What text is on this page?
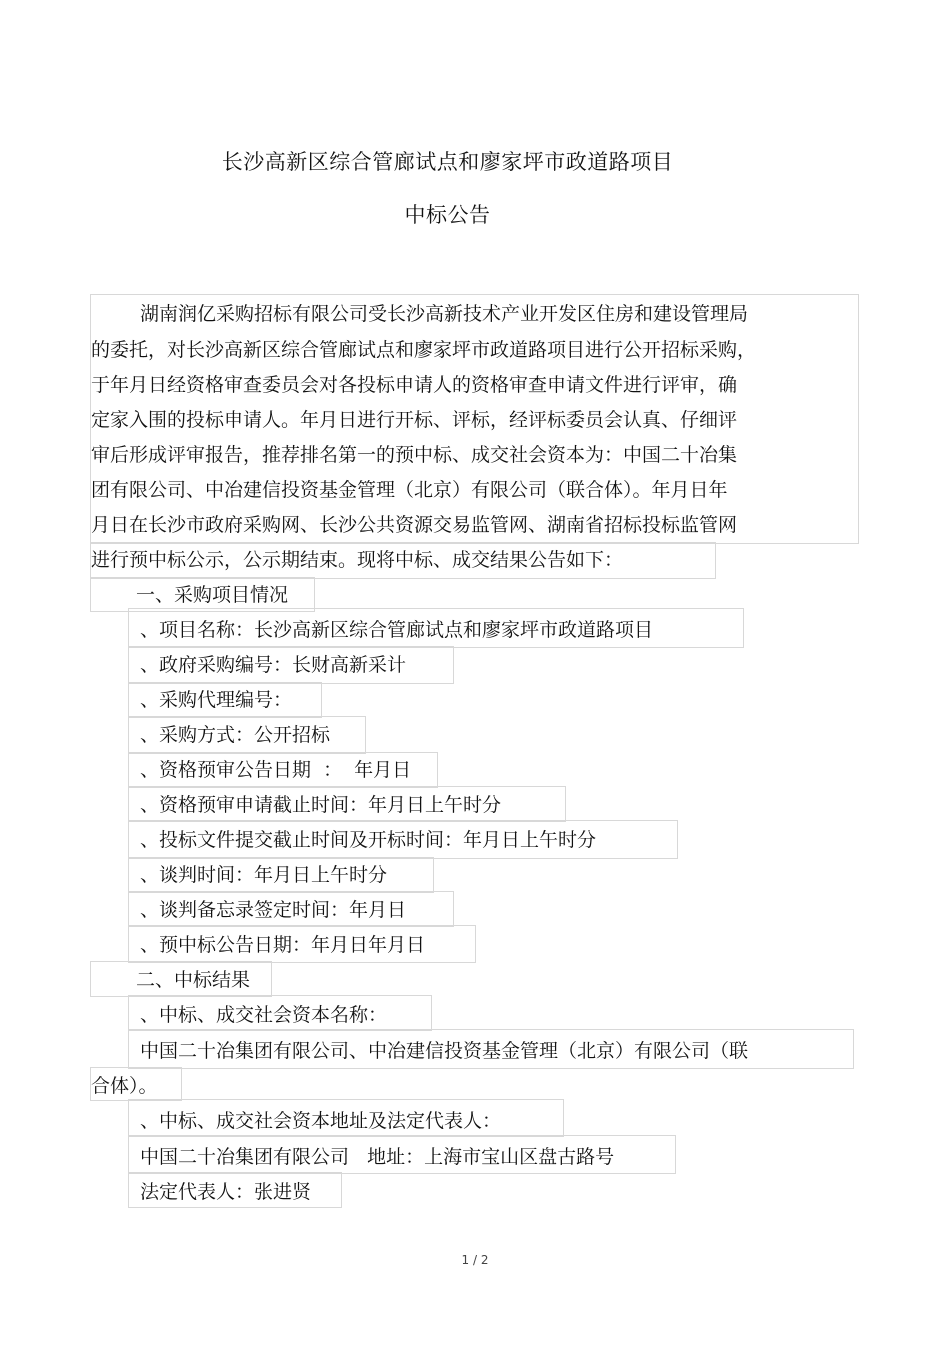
长沙高新区综合管廊试点和廖家坪市政道路项目
中标公告
湖南润亿采购招标有限公司受长沙高新技术产业开发区住房和建设管理局
的委托，对长沙高新区综合管廊试点和廖家坪市政道路项目进行公开招标采购，
于年月日经资格审查委员会对各投标申请人的资格审查申请文件进行评审，确
定家入围的投标申请人。年月日进行开标、评标，经评标委员会认真、仔细评
审后形成评审报告，推荐排名第一的预中标、成交社会资本为：中国二十冶集
团有限公司、中冶建信投资基金管理（北京）有限公司（联合体）。年月日年
月日在长沙市政府采购网、长沙公共资源交易监管网、湖南省招标投标监管网
进行预中标公示，公示期结束。现将中标、成交结果公告如下：
一、采购项目情况
、项目名称：长沙高新区综合管廊试点和廖家坪市政道路项目
、政府采购编号：长财高新采计
、采购代理编号：
、采购方式：公开招标
、资格预审公告日期  ：  年月日
、资格预审申请截止时间：年月日上午时分
、投标文件提交截止时间及开标时间：年月日上午时分
、谈判时间：年月日上午时分
、谈判备忘录签定时间：年月日
、预中标公告日期：年月日年月日
二、中标结果
、中标、成交社会资本名称：
中国二十冶集团有限公司、中冶建信投资基金管理（北京）有限公司（联
合体）。
、中标、成交社会资本地址及法定代表人：
中国二十冶集团有限公司   地址：上海市宝山区盘古路号
法定代表人：张进贤
1 / 2
